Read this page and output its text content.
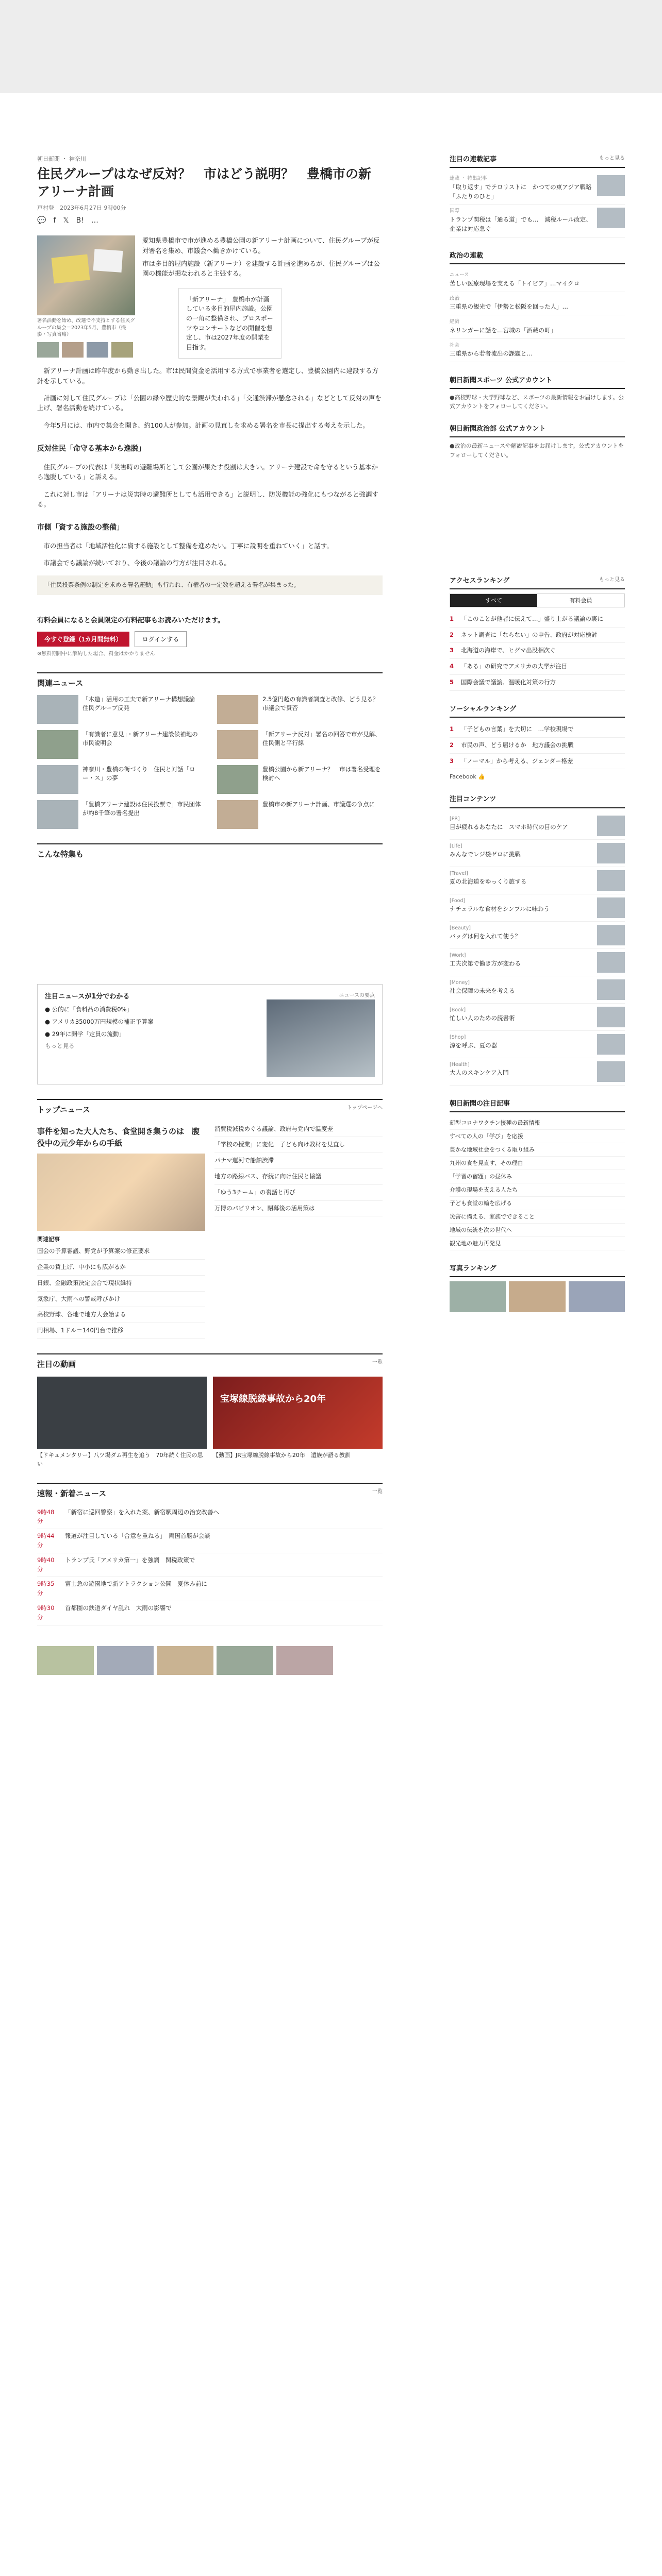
朝日新聞 ・ 神奈川
住民グループはなぜ反対？　市はどう説明？　豊橋市の新アリーナ計画
戸村登　2023年6月27日 9時00分
💬 f 𝕏 B! …
署名活動を始め、改選で不支持とする住民グループの集会＝2023年5月、豊橋市（撮影・写真省略）

愛知県豊橋市で市が進める豊橋公園の新アリーナ計画について、住民グループが反対署名を集め、市議会へ働きかけている。

市は多目的屋内施設（新アリーナ）を建設する計画を進めるが、住民グループは公園の機能が損なわれると主張する。

「新アリーナ」　豊橋市が計画している多目的屋内施設。公園の一角に整備され、プロスポーツやコンサートなどの開催を想定し、市は2027年度の開業を目指す。

新アリーナ計画は昨年度から動き出した。市は民間資金を活用する方式で事業者を選定し、豊橋公園内に建設する方針を示している。

計画に対して住民グループは「公園の緑や歴史的な景観が失われる」「交通渋滞が懸念される」などとして反対の声を上げ、署名活動を続けている。

今年5月には、市内で集会を開き、約100人が参加。計画の見直しを求める署名を市長に提出する考えを示した。

反対住民「命守る基本から逸脱」

住民グループの代表は「災害時の避難場所として公園が果たす役割は大きい。アリーナ建設で命を守るという基本から逸脱している」と訴える。

これに対し市は「アリーナは災害時の避難所としても活用できる」と説明し、防災機能の強化にもつながると強調する。

市側「資する施設の整備」

市の担当者は「地域活性化に資する施設として整備を進めたい。丁寧に説明を重ねていく」と話す。

市議会でも議論が続いており、今後の議論の行方が注目される。

「住民投票条例の制定を求める署名運動」も行われ、有権者の一定数を超える署名が集まった。
有料会員になると会員限定の有料記事もお読みいただけます。
今すぐ登録（1カ月間無料）	ログインする
※無料期間中に解約した場合、料金はかかりません
関連ニュース
「木造」活用の工夫で新アリーナ構想議論　住民グループ反発
2.5億円超の有識者調査と改修、どう見る？　市議会で賛否
「有識者に意見」・新アリーナ建設候補地の市民説明会
「新アリーナ反対」署名の回答で市が見解、住民側と平行線
神奈川・豊橋の街づくり　住民と対話「ロー・ス」の夢
豊橋公園から新アリーナ？　市は署名受理を検討へ
「豊橋アリーナ建設は住民投票で」市民団体が約8千筆の署名提出
豊橋市の新アリーナ計画、市議選の争点に
こんな特集も
注目ニュースが1分でわかる
● 公的に「食料品の消費税0%」
● アメリカ35000万円規模の補正予算案
● 29年に開学「定員の流動」
もっと見る
ニュースの要点
トップニュース	トップページへ
事件を知った大人たち、食堂開き集うのは　腹役中の元少年からの手紙
関連記事
国会の予算審議、野党が予算案の修正要求
企業の賃上げ、中小にも広がるか
日銀、金融政策決定会合で現状維持
気象庁、大雨への警戒呼びかけ
高校野球、各地で地方大会始まる
円相場、1ドル＝140円台で推移
消費税減税めぐる議論、政府与党内で温度差
「学校の授業」に変化　子ども向け教材を見直し
パナマ運河で船舶渋滞
地方の路線バス、存続に向け住民と協議
「ゆう3チーム」の裏話と再び
万博のパビリオン、閉幕後の活用策は
注目の動画	一覧
【ドキュメンタリー】八ツ場ダム再生を追う　70年続く住民の思い
宝塚線脱線事故から20年
【動画】JR宝塚線脱線事故から20年　遺族が語る教訓
速報・新着ニュース	一覧
9時48分
「新宿に巡回警察」を入れた案、新宿駅周辺の治安改善へ
9時44分
報道が注目している「合意を重ねる」　両国首脳が会談
9時40分
トランプ氏「アメリカ第一」を強調　関税政策で
9時35分
富士急の遊園地で新アトラクション公開　夏休み前に
9時30分
首都圏の鉄道ダイヤ乱れ　大雨の影響で
注目の連載記事	もっと見る
連載 ・ 特集記事
「取り返す」でテロリストに　かつての東アジア戦略「ふたりのひと」
国際
トランプ関税は「通る道」でも…　減税ルール改定、企業は対応急ぐ
政治の連載
ニュース
苦しい医療現場を支える「トイビア」…マイクロ
政治
三重県の観光で「伊勢と松阪を回った人」…
経済
ネリンガーに話を…宮城の「酒蔵の町」
社会
三重県から若者流出の課題と…
朝日新聞スポーツ 公式アカウント
●高校野球・大学野球など、スポーツの最新情報をお届けします。公式アカウントをフォローしてください。
朝日新聞政治部 公式アカウント
●政治の最新ニュースや解説記事をお届けします。公式アカウントをフォローしてください。
アクセスランキング	もっと見る
すべて	有料会員
1	「このことが他者に伝えて…」盛り上がる議論の裏に
2	ネット調査に「ならない」の申告、政府が対応検討
3	北海道の海岸で、ヒグマ出没相次ぐ
4	「ある」の研究でアメリカの大学が注目
5	国際会議で議論、温暖化対策の行方
ソーシャルランキング
1	「子どもの言葉」を大切に　…学校現場で
2	市民の声、どう届けるか　地方議会の挑戦
3	「ノーマル」から考える、ジェンダー格差
Facebook 👍
注目コンテンツ
[PR]
目が疲れるあなたに　スマホ時代の目のケア
[Life]
みんなでレジ袋ゼロに挑戦
[Travel]
夏の北海道をゆっくり旅する
[Food]
ナチュラルな食材をシンプルに味わう
[Beauty]
バッグは何を入れて使う？
[Work]
工夫次第で働き方が変わる
[Money]
社会保障の未来を考える
[Book]
忙しい人のための読書術
[Shop]
涼を呼ぶ、夏の器
[Health]
大人のスキンケア入門
朝日新聞の注目記事
新型コロナワクチン接種の最新情報
すべての人の「学び」を応援
豊かな地域社会をつくる取り組み
九州の食を見直す、その理由
「学習の宿題」の昼休み
介護の現場を支える人たち
子ども食堂の輪を広げる
災害に備える、家族でできること
地域の伝統を次の世代へ
観光地の魅力再発見
写真ランキング
